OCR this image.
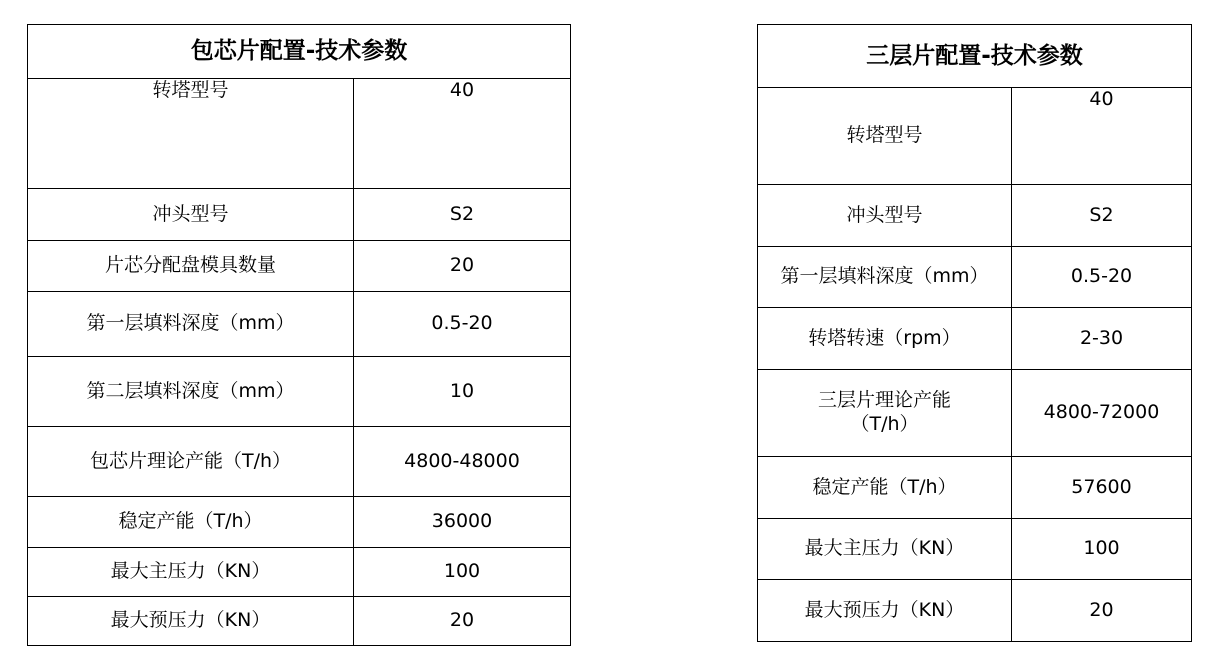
包芯片配置-技术参数	
转塔型号	40
冲头型号	S2
片芯分配盘模具数量	20
第一层填料深度（mm）	0.5-20
第二层填料深度（mm）	10
包芯片理论产能（T/h）	4800-48000
稳定产能（T/h）	36000
最大主压力（KN）	100
最大预压力（KN）	20
三层片配置-技术参数	
转塔型号	40
冲头型号	S2
第一层填料深度（mm）	0.5-20
转塔转速（rpm）	2-30
三层片理论产能（T/h）	4800-72000
稳定产能（T/h）	57600
最大主压力（KN）	100
最大预压力（KN）	20
